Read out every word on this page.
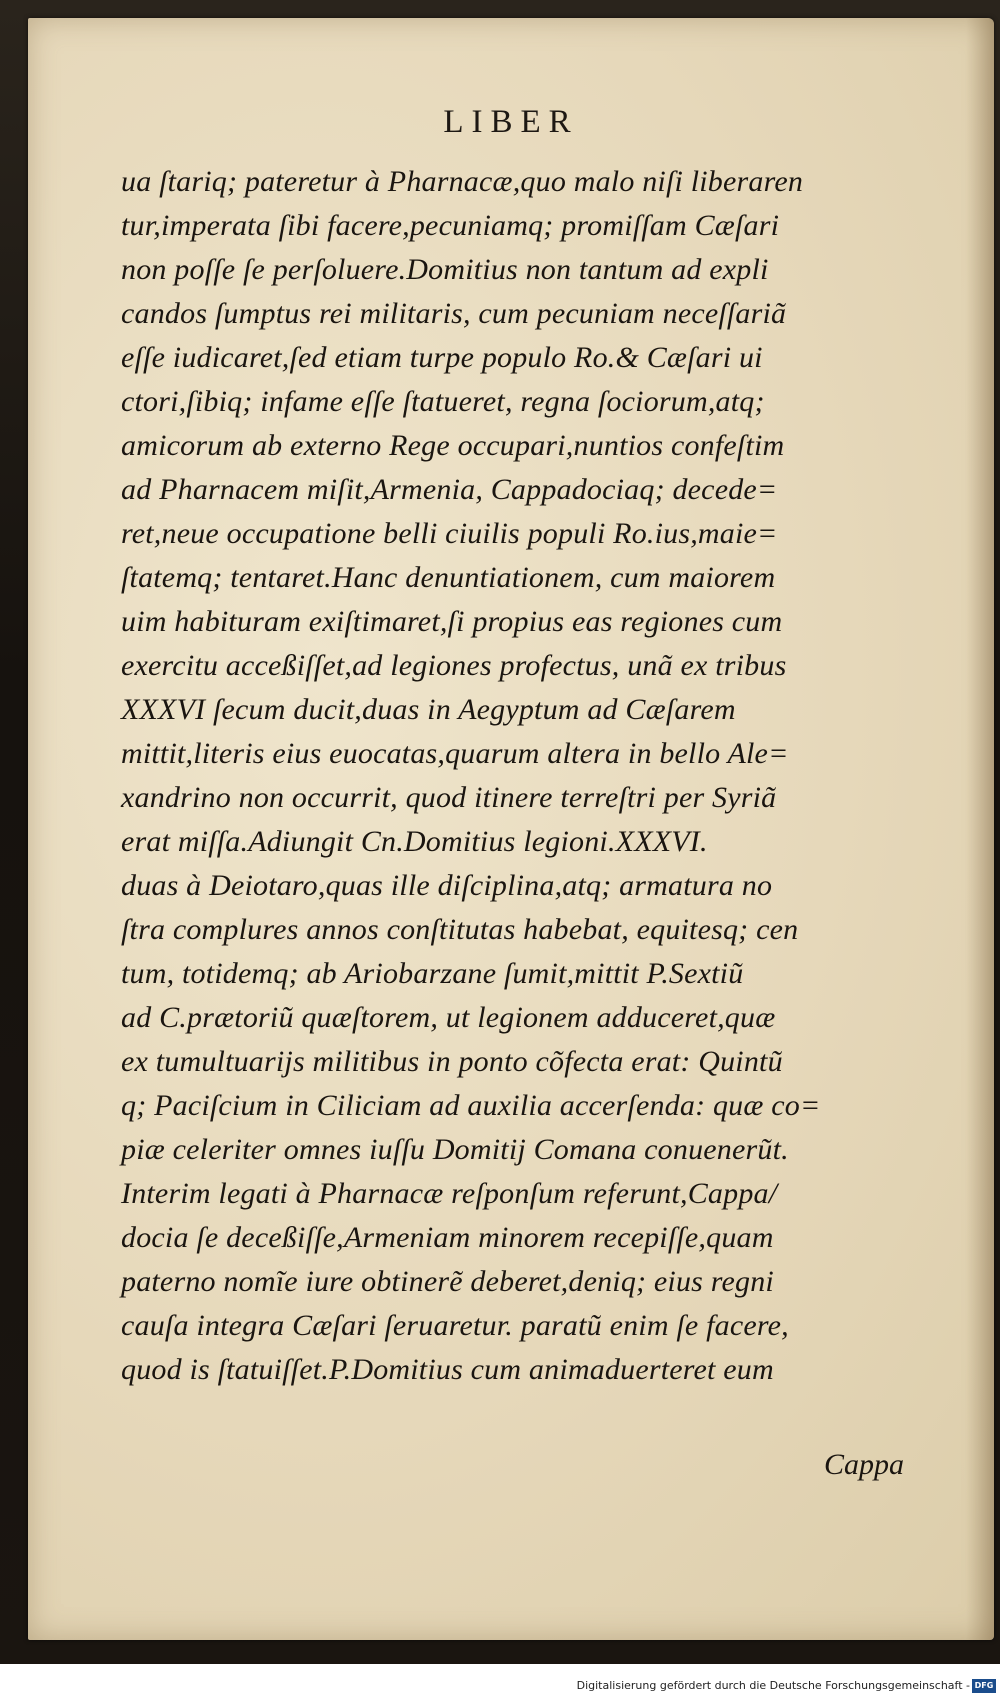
LIBER
ua ſtariq; pateretur à Pharnacæ,quo malo niſi liberaren
tur,imperata ſibi facere,pecuniamq; promiſſam Cæſari
non poſſe ſe perſoluere.Domitius non tantum ad expli
candos ſumptus rei militaris, cum pecuniam neceſſariã
eſſe iudicaret,ſed etiam turpe populo Ro.& Cæſari ui
ctori,ſibiq; infame eſſe ſtatueret, regna ſociorum,atq;
amicorum ab externo Rege occupari,nuntios confeſtim
ad Pharnacem miſit,Armenia, Cappadociaq; decede=
ret,neue occupatione belli ciuilis populi Ro.ius,maie=
ſtatemq; tentaret.Hanc denuntiationem, cum maiorem
uim habituram exiſtimaret,ſi propius eas regiones cum
exercitu acceßiſſet,ad legiones profectus, unã ex tribus
XXXVI ſecum ducit,duas in Aegyptum ad Cæſarem
mittit,literis eius euocatas,quarum altera in bello Ale=
xandrino non occurrit, quod itinere terreſtri per Syriã
erat miſſa.Adiungit Cn.Domitius legioni.XXXVI.
duas à Deiotaro,quas ille diſciplina,atq; armatura no
ſtra complures annos conſtitutas habebat, equitesq; cen
tum, totidemq; ab Ariobarzane ſumit,mittit P.Sextiũ
ad C.prætoriũ quæſtorem, ut legionem adduceret,quæ
ex tumultuarijs militibus in ponto cõfecta erat: Quintũ
q; Paciſcium in Ciliciam ad auxilia accerſenda: quæ co=
piæ celeriter omnes iuſſu Domitij Comana conuenerũt.
Interim legati à Pharnacæ reſponſum referunt,Cappa/
docia ſe deceßiſſe,Armeniam minorem recepiſſe,quam
paterno nomĩe iure obtinerẽ deberet,deniq; eius regni
cauſa integra Cæſari ſeruaretur. paratũ enim ſe facere,
quod is ſtatuiſſet.P.Domitius cum animaduerteret eum
Cappa
Digitalisierung gefördert durch die Deutsche Forschungsgemeinschaft - DFG
